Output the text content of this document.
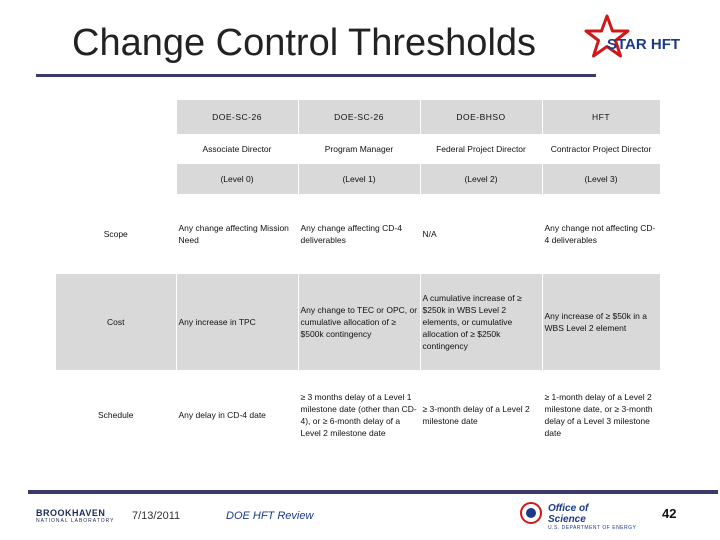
Change Control Thresholds	STAR HFT
	DOE-SC-26	DOE-SC-26	DOE-BHSO	HFT
	Associate Director	Program Manager	Federal Project Director	Contractor Project Director
	(Level 0)	(Level 1)	(Level 2)	(Level 3)
Scope	Any change affecting Mission Need	Any change affecting CD-4 deliverables	N/A	Any change not affecting CD-4 deliverables
Cost	Any increase in TPC	Any change to TEC or OPC, or cumulative allocation of ≥ $500k contingency	A cumulative increase of ≥ $250k in WBS Level 2 elements, or cumulative allocation of ≥ $250k contingency	Any increase of ≥ $50k in a WBS Level 2 element
Schedule	Any delay in CD-4 date	≥ 3 months delay of a Level 1 milestone date (other than CD-4), or ≥ 6-month delay of a Level 2 milestone date	≥ 3-month delay of a Level 2 milestone date	≥ 1-month delay of a Level 2 milestone date, or ≥ 3-month delay of a Level 3 milestone date
BROOKHAVEN
NATIONAL LABORATORY 7/13/2011	DOE HFT Review
Office of
Science
U.S. DEPARTMENT OF ENERGY
42
